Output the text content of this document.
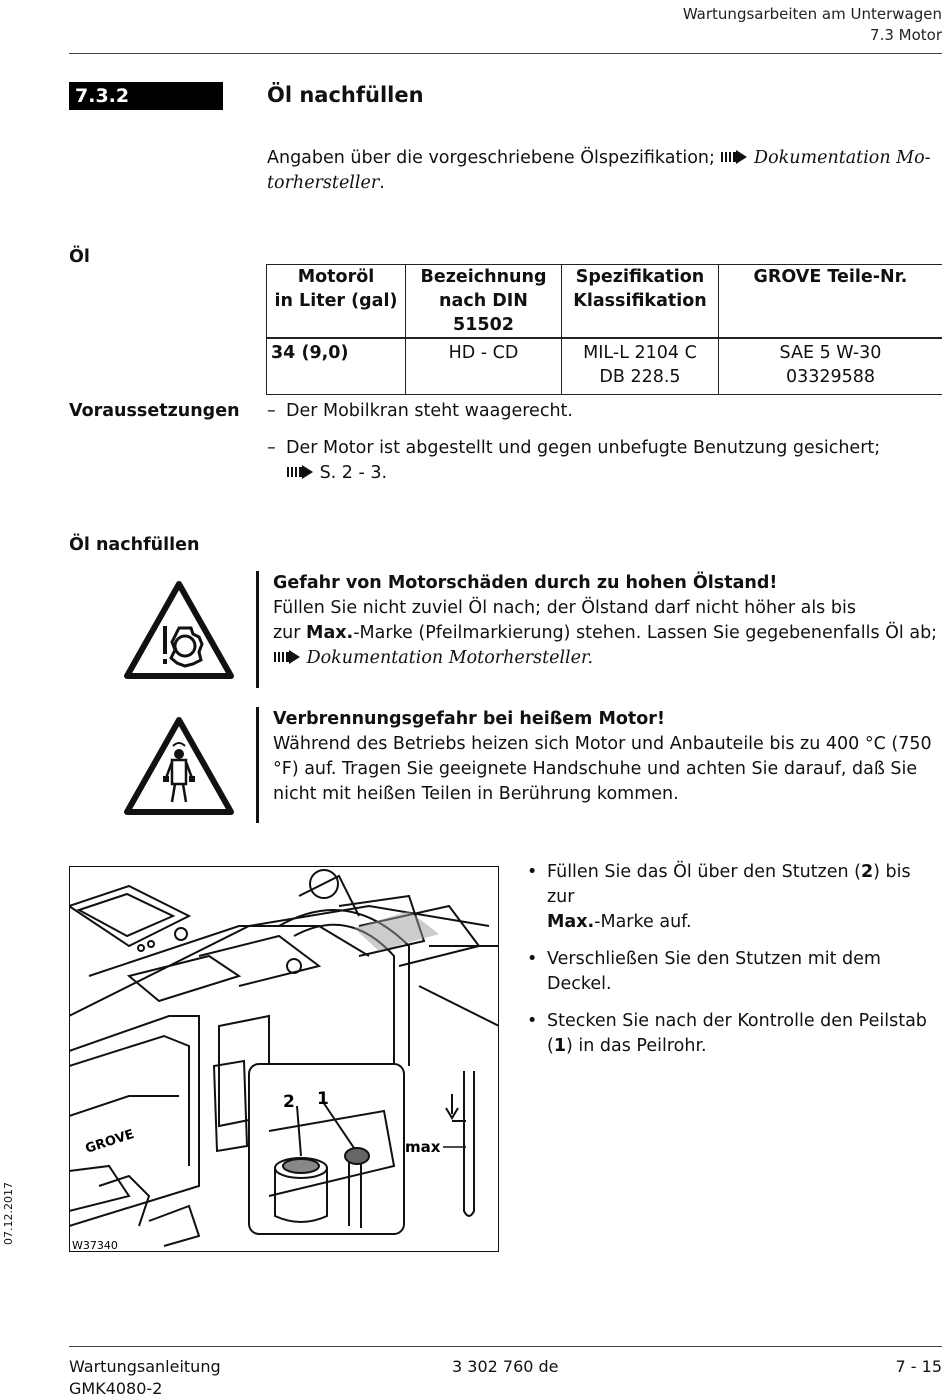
Wartungsarbeiten am Unterwagen
7.3 Motor
7.3.2	Öl nachfüllen
Angaben über die vorgeschriebene Ölspezifikation; Dokumentation Mo-
torhersteller.
Öl
Motoröl
in Liter (gal)

Bezeichnung
nach DIN 51502

Spezifikation
Klassifikation

GROVE Teile-Nr.

34 (9,0)	HD - CD	MIL-L 2104 C
DB 228.5

SAE 5 W-30
03329588
Voraussetzungen
–	Der Mobilkran steht waagerecht.
– Der Motor ist abgestellt und gegen unbefugte Benutzung gesichert;
S. 2 - 3.
Öl nachfüllen
Gefahr von Motorschäden durch zu hohen Ölstand!
Füllen Sie nicht zuviel Öl nach; der Ölstand darf nicht höher als bis
zur Max.-Marke (Pfeilmarkierung) stehen. Lassen Sie gegebenenfalls Öl ab;
Dokumentation Motorhersteller.
Verbrennungsgefahr bei heißem Motor!
Während des Betriebs heizen sich Motor und Anbauteile bis zu 400 °C (750 °F) auf. Tragen Sie geeignete Handschuhe und achten Sie darauf, daß Sie nicht mit heißen Teilen in Berührung kommen.
GROVE
2 1
max
W37340
• Füllen Sie das Öl über den Stutzen (2) bis zur
Max.-Marke auf.
• Verschließen Sie den Stutzen mit dem Deckel.
• Stecken Sie nach der Kontrolle den Peilstab (1) in das Peilrohr.
07.12.2017
Wartungsanleitung
GMK4080-2
3 302 760 de	7 - 15
